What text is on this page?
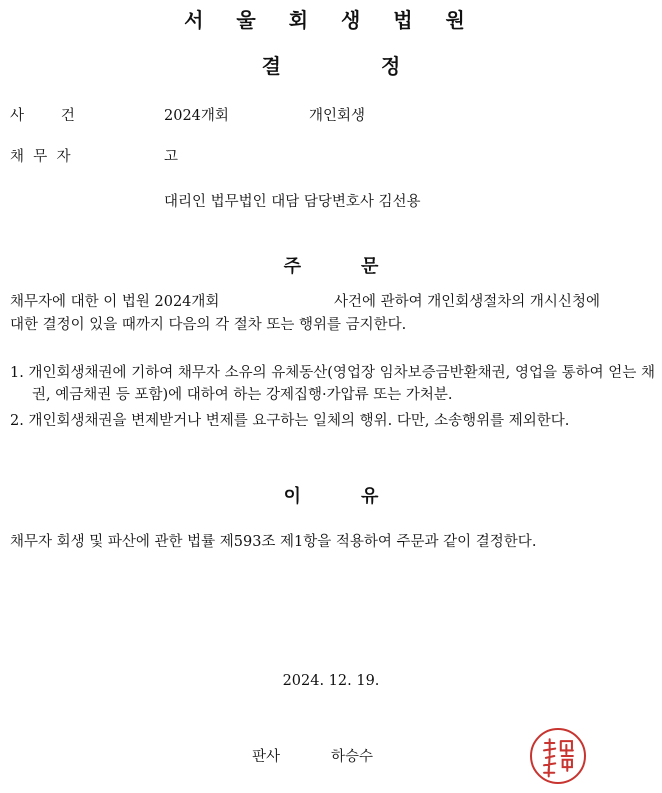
서 울 회 생 법 원
결	정
사        건	2024개회	개인회생
채  무  자	고
대리인 법무법인 대담 담당변호사 김선용
주	문
채무자에 대한 이 법원 2024개회	사건에 관하여 개인회생절차의 개시신청에
대한 결정이 있을 때까지 다음의 각 절차 또는 행위를 금지한다.
1. 개인회생채권에 기하여 채무자 소유의 유체동산(영업장 임차보증금반환채권, 영업을 통하여 얻는 채권, 예금채권 등 포함)에 대하여 하는 강제집행·가압류 또는 가처분.
2. 개인회생채권을 변제받거나 변제를 요구하는 일체의 행위. 다만, 소송행위를 제외한다.
이	유
채무자 회생 및 파산에 관한 법률 제593조 제1항을 적용하여 주문과 같이 결정한다.
2024. 12. 19.
판사	하승수
